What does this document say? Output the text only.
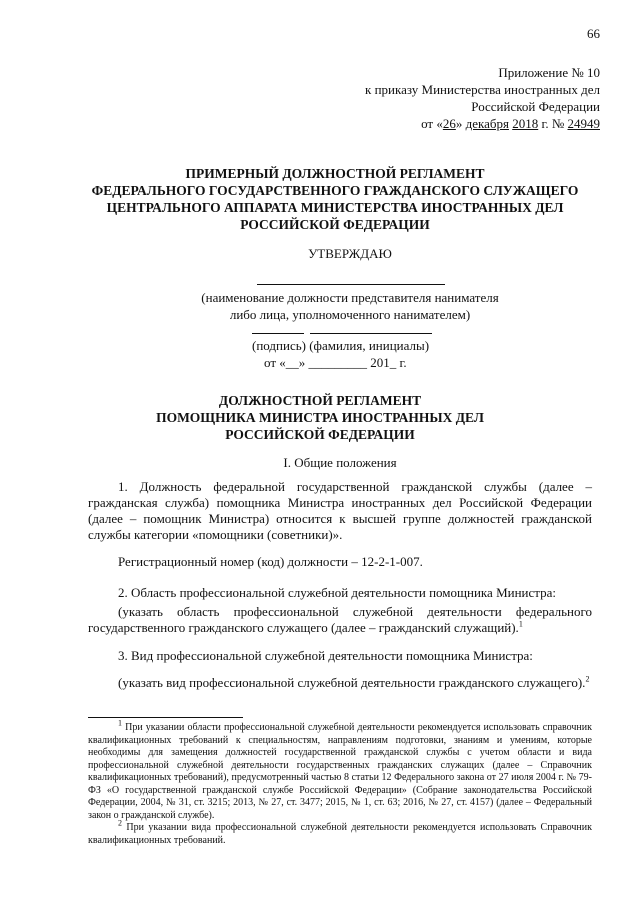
66
Приложение № 10
к приказу Министерства иностранных дел
Российской Федерации
от «26» декабря 2018 г. № 24949
ПРИМЕРНЫЙ ДОЛЖНОСТНОЙ РЕГЛАМЕНТ
ФЕДЕРАЛЬНОГО ГОСУДАРСТВЕННОГО ГРАЖДАНСКОГО СЛУЖАЩЕГО
ЦЕНТРАЛЬНОГО АППАРАТА МИНИСТЕРСТВА ИНОСТРАННЫХ ДЕЛ
РОССИЙСКОЙ ФЕДЕРАЦИИ
УТВЕРЖДАЮ
(наименование должности представителя нанимателя
либо лица, уполномоченного нанимателем)
(подпись) (фамилия, инициалы)
от «__» _________ 201_ г.
ДОЛЖНОСТНОЙ РЕГЛАМЕНТ
ПОМОЩНИКА МИНИСТРА ИНОСТРАННЫХ ДЕЛ
РОССИЙСКОЙ ФЕДЕРАЦИИ
I. Общие положения
1. Должность федеральной государственной гражданской службы (далее – гражданская служба) помощника Министра иностранных дел Российской Федерации (далее – помощник Министра) относится к высшей группе должностей гражданской службы категории «помощники (советники)».
Регистрационный номер (код) должности – 12-2-1-007.
2. Область профессиональной служебной деятельности помощника Министра:
(указать область профессиональной служебной деятельности федерального государственного гражданского служащего (далее – гражданский служащий).$^1$
3. Вид профессиональной служебной деятельности помощника Министра:
(указать вид профессиональной служебной деятельности гражданского служащего).$^2$
$^1$ При указании области профессиональной служебной деятельности рекомендуется использовать справочник квалификационных требований к специальностям, направлениям подготовки, знаниям и умениям, которые необходимы для замещения должностей государственной гражданской службы с учетом области и вида профессиональной служебной деятельности государственных гражданских служащих (далее – Справочник квалификационных требований), предусмотренный частью 8 статьи 12 Федерального закона от 27 июля 2004 г. № 79-ФЗ «О государственной гражданской службе Российской Федерации» (Собрание законодательства Российской Федерации, 2004, № 31, ст. 3215; 2013, № 27, ст. 3477; 2015, № 1, ст. 63; 2016, № 27, ст. 4157) (далее – Федеральный закон о гражданской службе).
$^2$ При указании вида профессиональной служебной деятельности рекомендуется использовать Справочник квалификационных требований.
